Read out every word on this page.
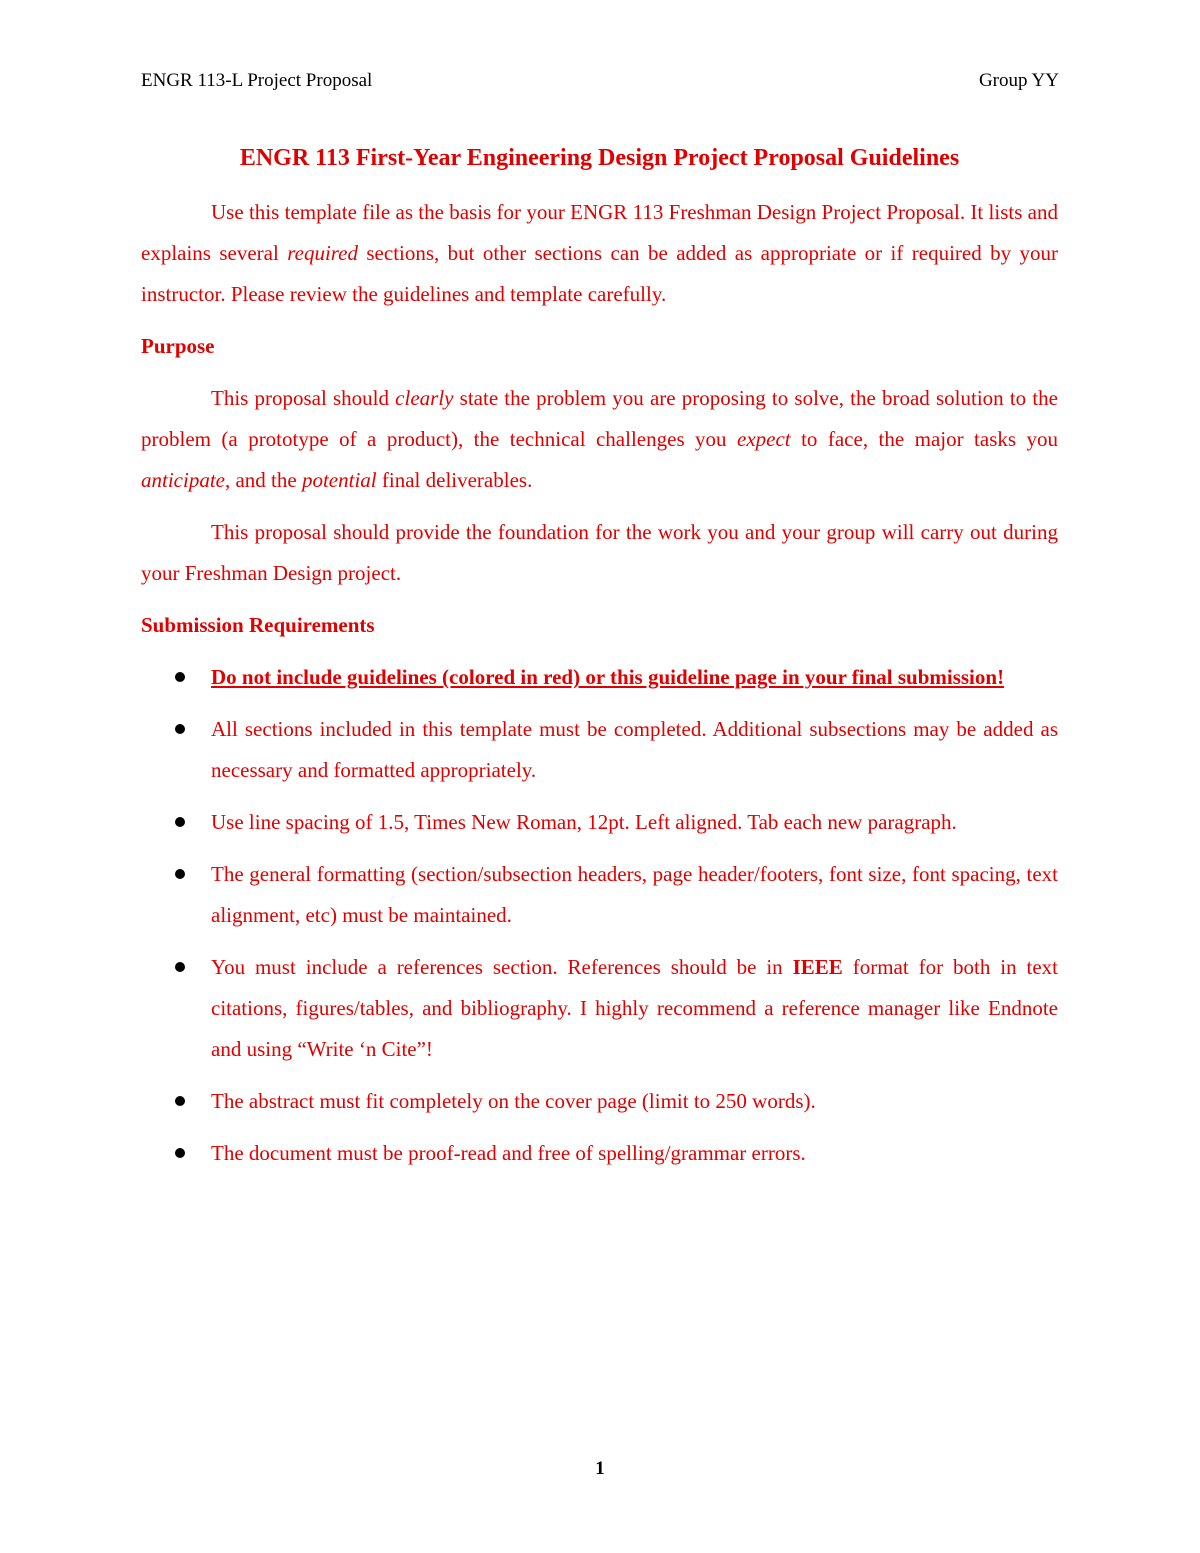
ENGR 113-L Project Proposal	Group YY
ENGR 113 First-Year Engineering Design Project Proposal Guidelines

Use this template file as the basis for your ENGR 113 Freshman Design Project Proposal. It lists and explains several required sections, but other sections can be added as appropriate or if required by your instructor. Please review the guidelines and template carefully.

Purpose

This proposal should clearly state the problem you are proposing to solve, the broad solution to the problem (a prototype of a product), the technical challenges you expect to face, the major tasks you anticipate, and the potential final deliverables.

This proposal should provide the foundation for the work you and your group will carry out during your Freshman Design project.

Submission Requirements
Do not include guidelines (colored in red) or this guideline page in your final submission!
All sections included in this template must be completed. Additional subsections may be added as necessary and formatted appropriately.
Use line spacing of 1.5, Times New Roman, 12pt. Left aligned. Tab each new paragraph.
The general formatting (section/subsection headers, page header/footers, font size, font spacing, text alignment, etc) must be maintained.
You must include a references section. References should be in IEEE format for both in text citations, figures/tables, and bibliography. I highly recommend a reference manager like Endnote and using “Write ‘n Cite”!
The abstract must fit completely on the cover page (limit to 250 words).
The document must be proof-read and free of spelling/grammar errors.
1
